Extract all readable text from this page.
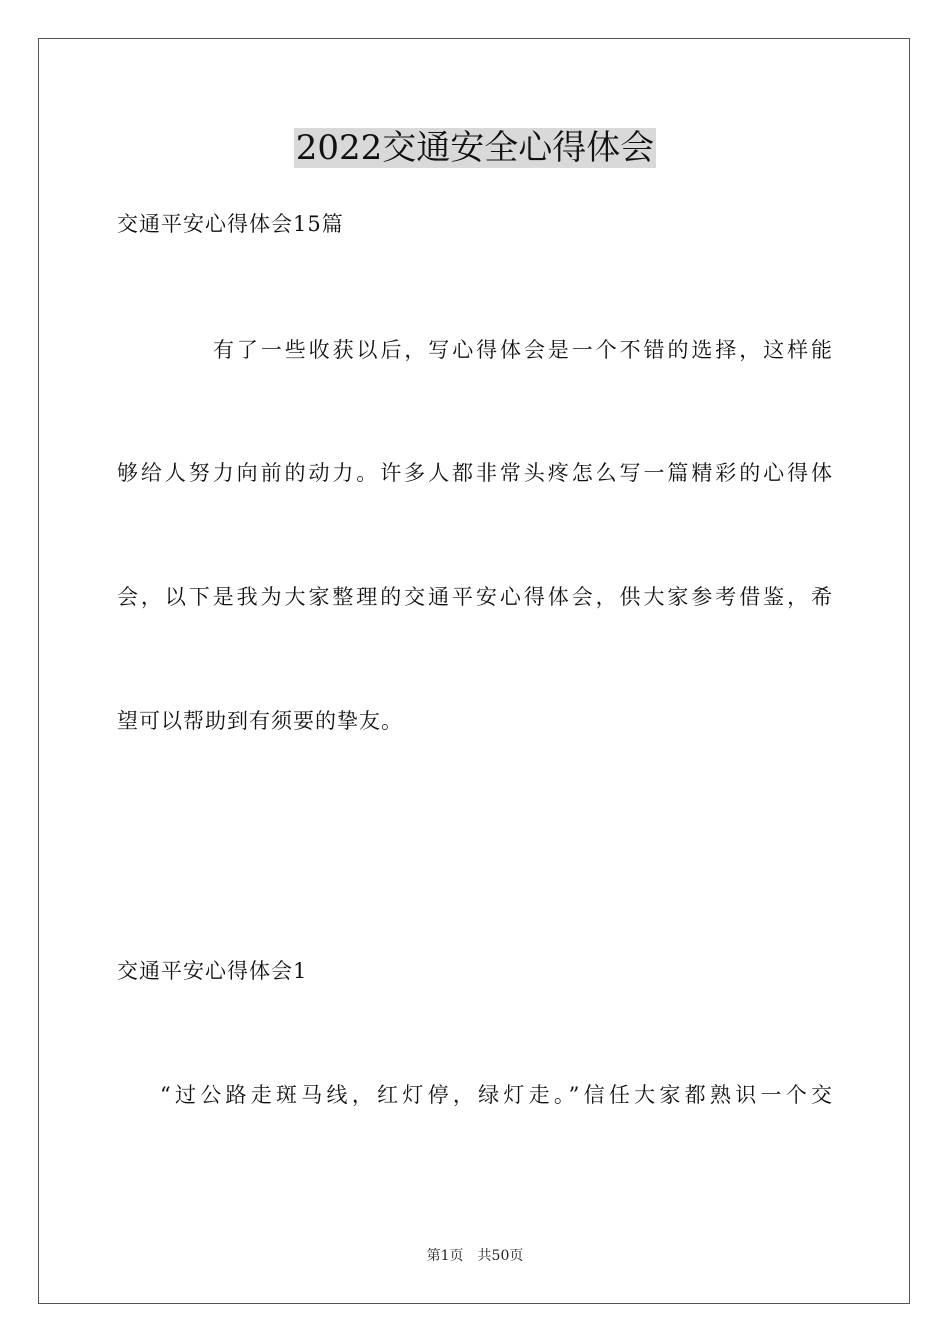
2022交通安全心得体会
交通平安心得体会15篇
有了一些收获以后，写心得体会是一个不错的选择，这样能
够给人努力向前的动力。许多人都非常头疼怎么写一篇精彩的心得体
会，以下是我为大家整理的交通平安心得体会，供大家参考借鉴，希
望可以帮助到有须要的挚友。
交通平安心得体会1
“过公路走斑马线，红灯停，绿灯走。”信任大家都熟识一个交
第1页 共50页
